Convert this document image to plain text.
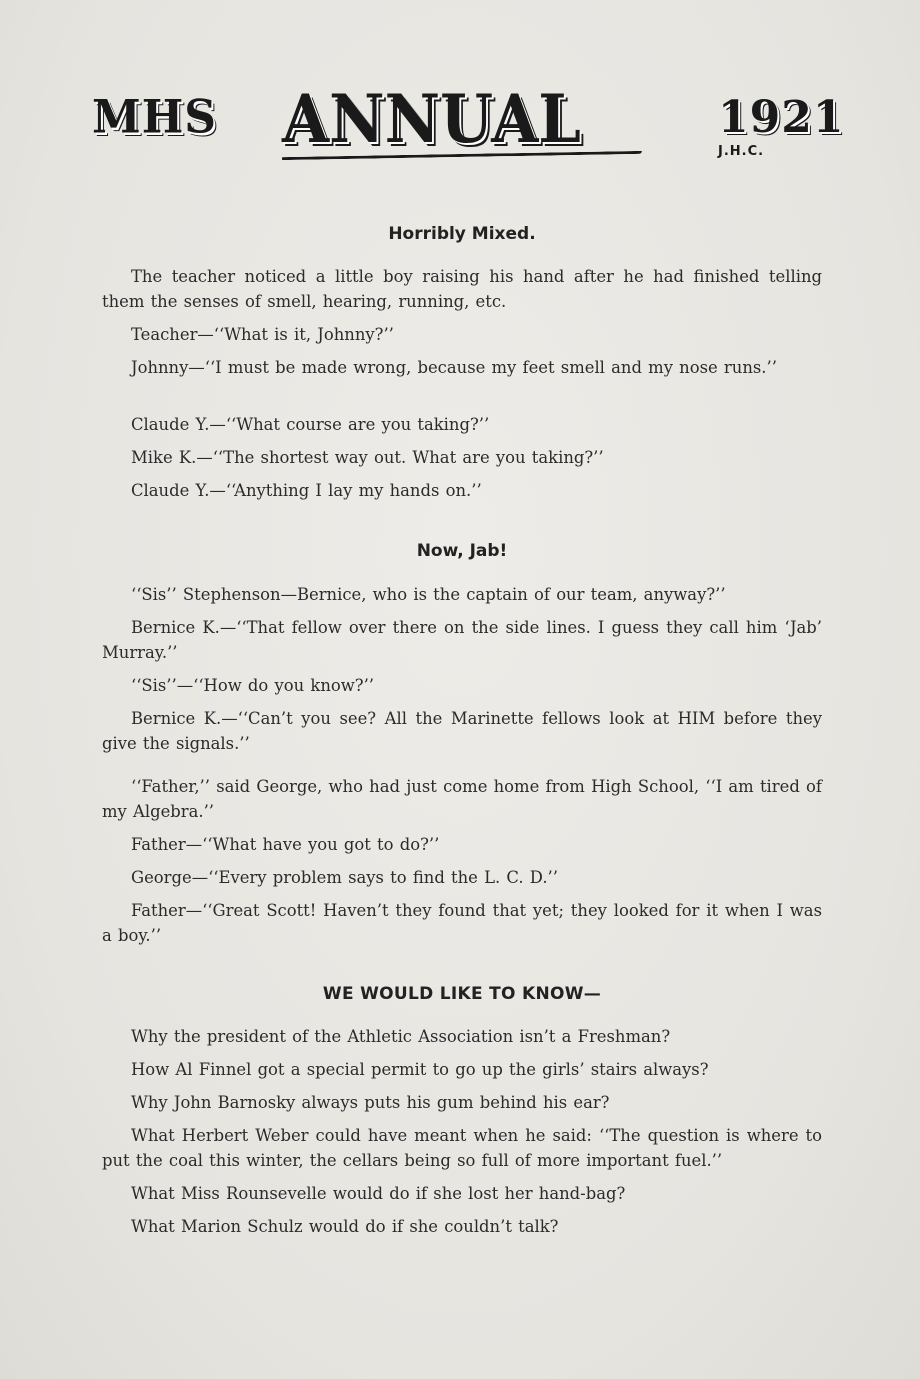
MHS ANNUAL	1921
J.H.C.
Horribly Mixed.

The teacher noticed a little boy raising his hand after he had finished telling them the senses of smell, hearing, running, etc.

Teacher—‘‘What is it, Johnny?’’

Johnny—‘‘I must be made wrong, because my feet smell and my nose runs.’’

Claude Y.—‘‘What course are you taking?’’

Mike K.—‘‘The shortest way out. What are you taking?’’

Claude Y.—‘‘Anything I lay my hands on.’’

Now, Jab!

‘‘Sis’’ Stephenson—Bernice, who is the captain of our team, anyway?’’

Bernice K.—‘‘That fellow over there on the side lines. I guess they call him ‘Jab’ Murray.’’

‘‘Sis’’—‘‘How do you know?’’

Bernice K.—‘‘Can’t you see? All the Marinette fellows look at HIM before they give the signals.’’

‘‘Father,’’ said George, who had just come home from High School, ‘‘I am tired of my Algebra.’’

Father—‘‘What have you got to do?’’

George—‘‘Every problem says to find the L. C. D.’’

Father—‘‘Great Scott! Haven’t they found that yet; they looked for it when I was a boy.’’

WE WOULD LIKE TO KNOW—

Why the president of the Athletic Association isn’t a Freshman?

How Al Finnel got a special permit to go up the girls’ stairs always?

Why John Barnosky always puts his gum behind his ear?

What Herbert Weber could have meant when he said: ‘‘The question is where to put the coal this winter, the cellars being so full of more important fuel.’’

What Miss Rounsevelle would do if she lost her hand-bag?

What Marion Schulz would do if she couldn’t talk?
